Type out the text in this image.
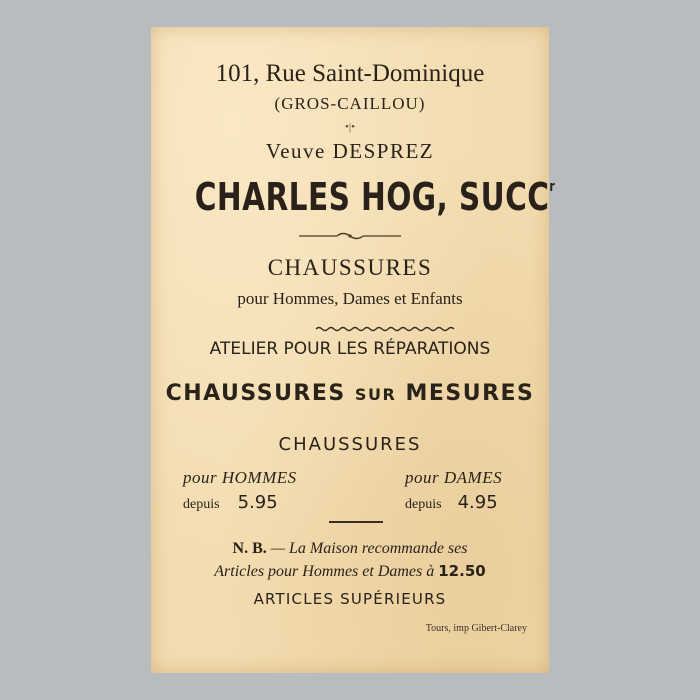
101, Rue Saint-Dominique
(GROS-CAILLOU)
•|•
Veuve DESPREZ
CHARLES HOG, SUCC$^r$
CHAUSSURES
pour Hommes, Dames et Enfants
ATELIER POUR LES RÉPARATIONS
CHAUSSURES SUR MESURES
CHAUSSURES
pour HOMMES	pour DAMES
depuis 5.95	depuis 4.95
N. B. — La Maison recommande ses
Articles pour Hommes et Dames à 12.50
ARTICLES SUPÉRIEURS
Tours, imp Gibert-Clarey
